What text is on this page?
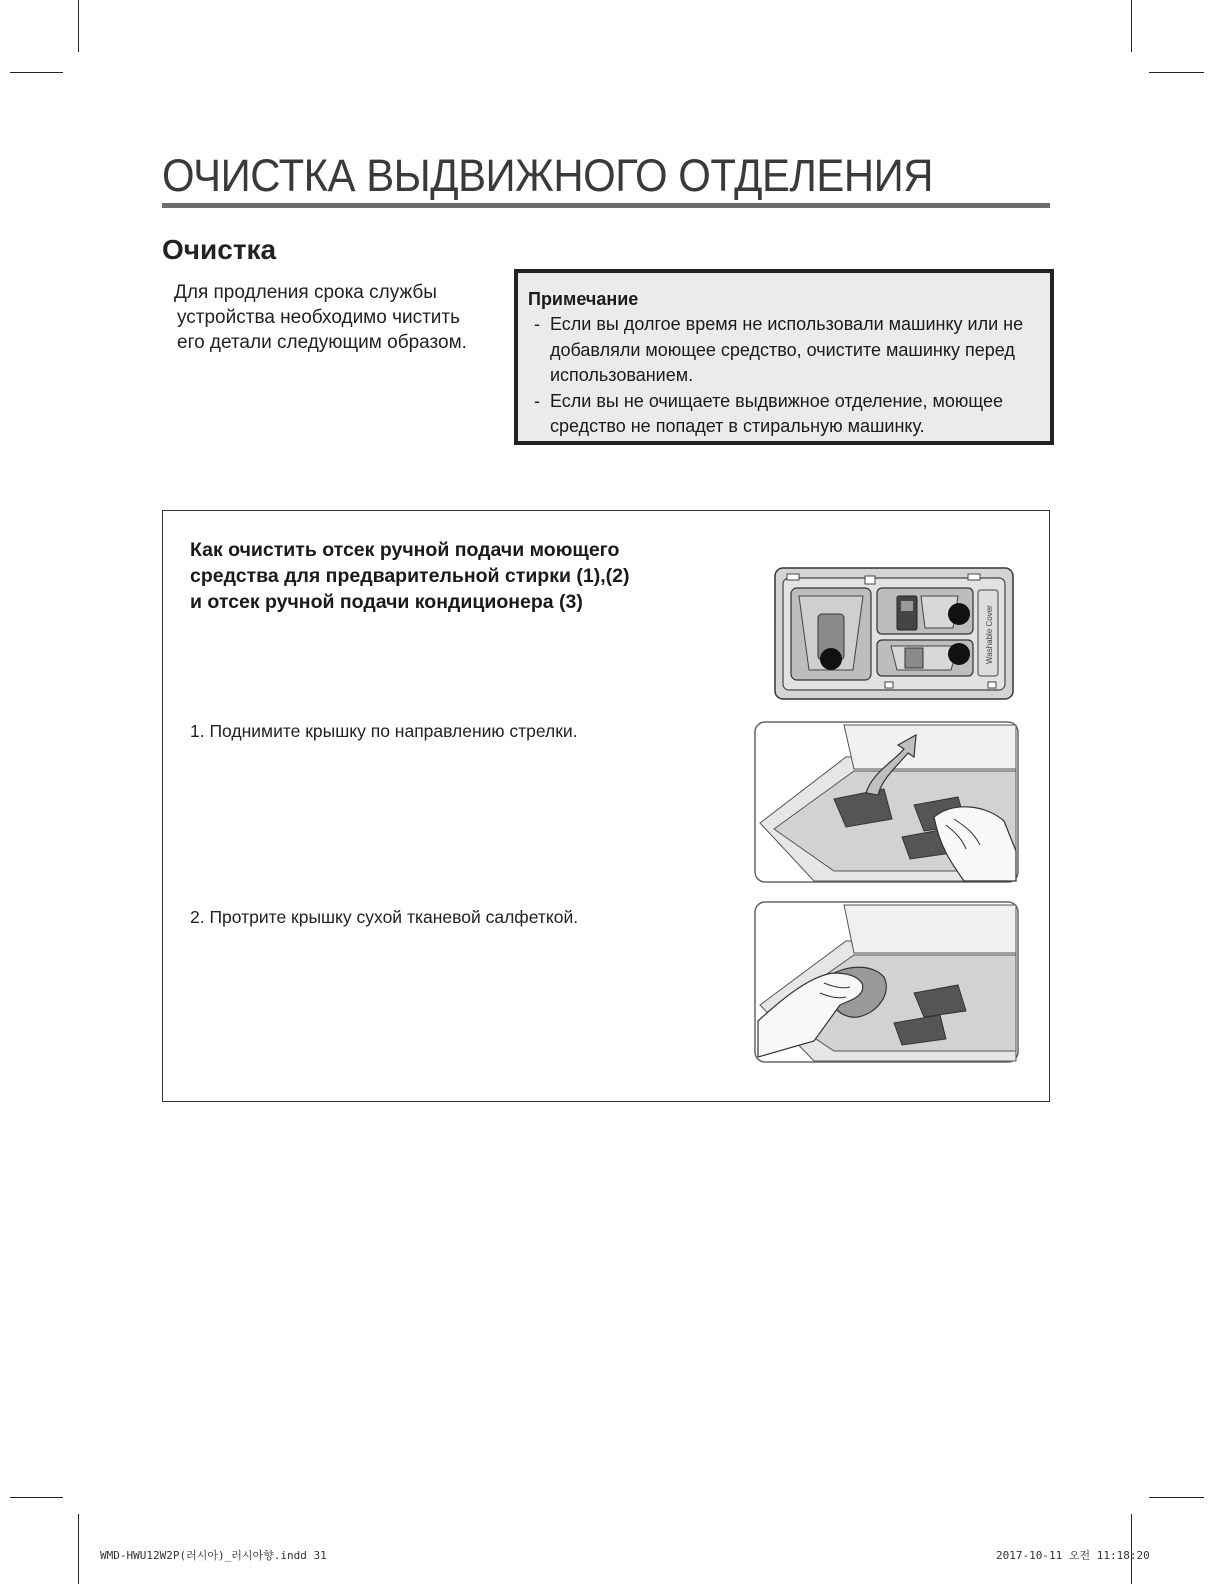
ОЧИСТКА ВЫДВИЖНОГО ОТДЕЛЕНИЯ
Очистка
Для продления срока службы
устройства необходимо чистить
его детали следующим образом.
Примечание
- Если вы долгое время не использовали машинку или не
добавляли моющее средство, очистите машинку перед
использованием.
- Если вы не очищаете выдвижное отделение, моющее
средство не попадет в стиральную машинку.
Как очистить отсек ручной подачи моющего
средства для предварительной стирки (1),(2)
и отсек ручной подачи кондиционера (3)
1. Поднимите крышку по направлению стрелки.
2. Протрите крышку сухой тканевой салфеткой.
Washable Cover
WMD-HWU12W2P(러시아)_러시아향.indd 31	2017-10-11 오전 11:18:20
